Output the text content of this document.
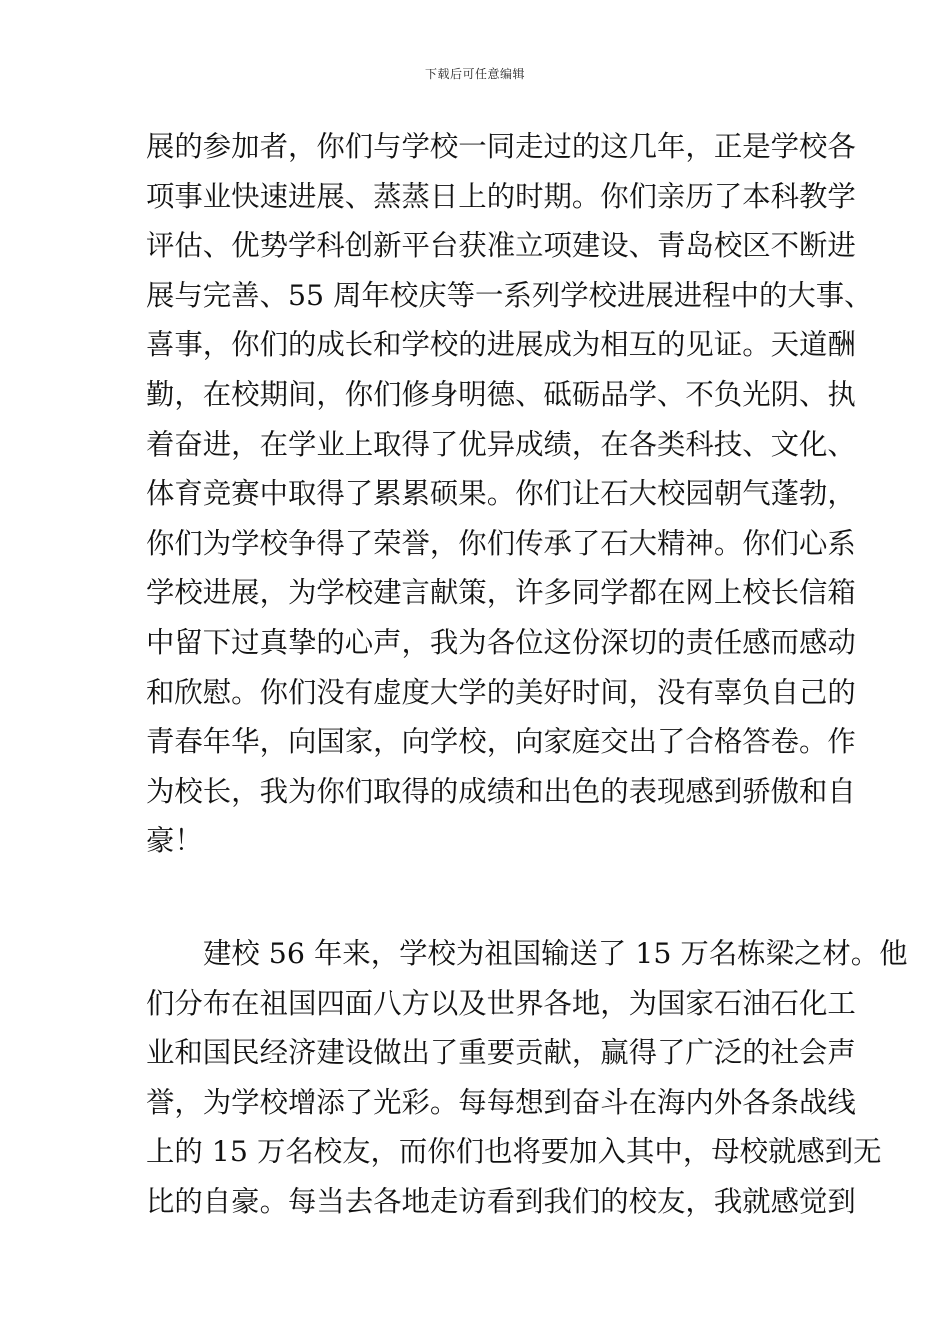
下载后可任意编辑
展的参加者，你们与学校一同走过的这几年，正是学校各
项事业快速进展、蒸蒸日上的时期。你们亲历了本科教学
评估、优势学科创新平台获准立项建设、青岛校区不断进
展与完善、55 周年校庆等一系列学校进展进程中的大事、
喜事，你们的成长和学校的进展成为相互的见证。天道酬
勤，在校期间，你们修身明德、砥砺品学、不负光阴、执
着奋进，在学业上取得了优异成绩，在各类科技、文化、
体育竞赛中取得了累累硕果。你们让石大校园朝气蓬勃，
你们为学校争得了荣誉，你们传承了石大精神。你们心系
学校进展，为学校建言献策，许多同学都在网上校长信箱
中留下过真挚的心声，我为各位这份深切的责任感而感动
和欣慰。你们没有虚度大学的美好时间，没有辜负自己的
青春年华，向国家，向学校，向家庭交出了合格答卷。作
为校长，我为你们取得的成绩和出色的表现感到骄傲和自
豪！
建校 56 年来，学校为祖国输送了 15 万名栋梁之材。他
们分布在祖国四面八方以及世界各地，为国家石油石化工
业和国民经济建设做出了重要贡献，赢得了广泛的社会声
誉，为学校增添了光彩。每每想到奋斗在海内外各条战线
上的 15 万名校友，而你们也将要加入其中，母校就感到无
比的自豪。每当去各地走访看到我们的校友，我就感觉到
